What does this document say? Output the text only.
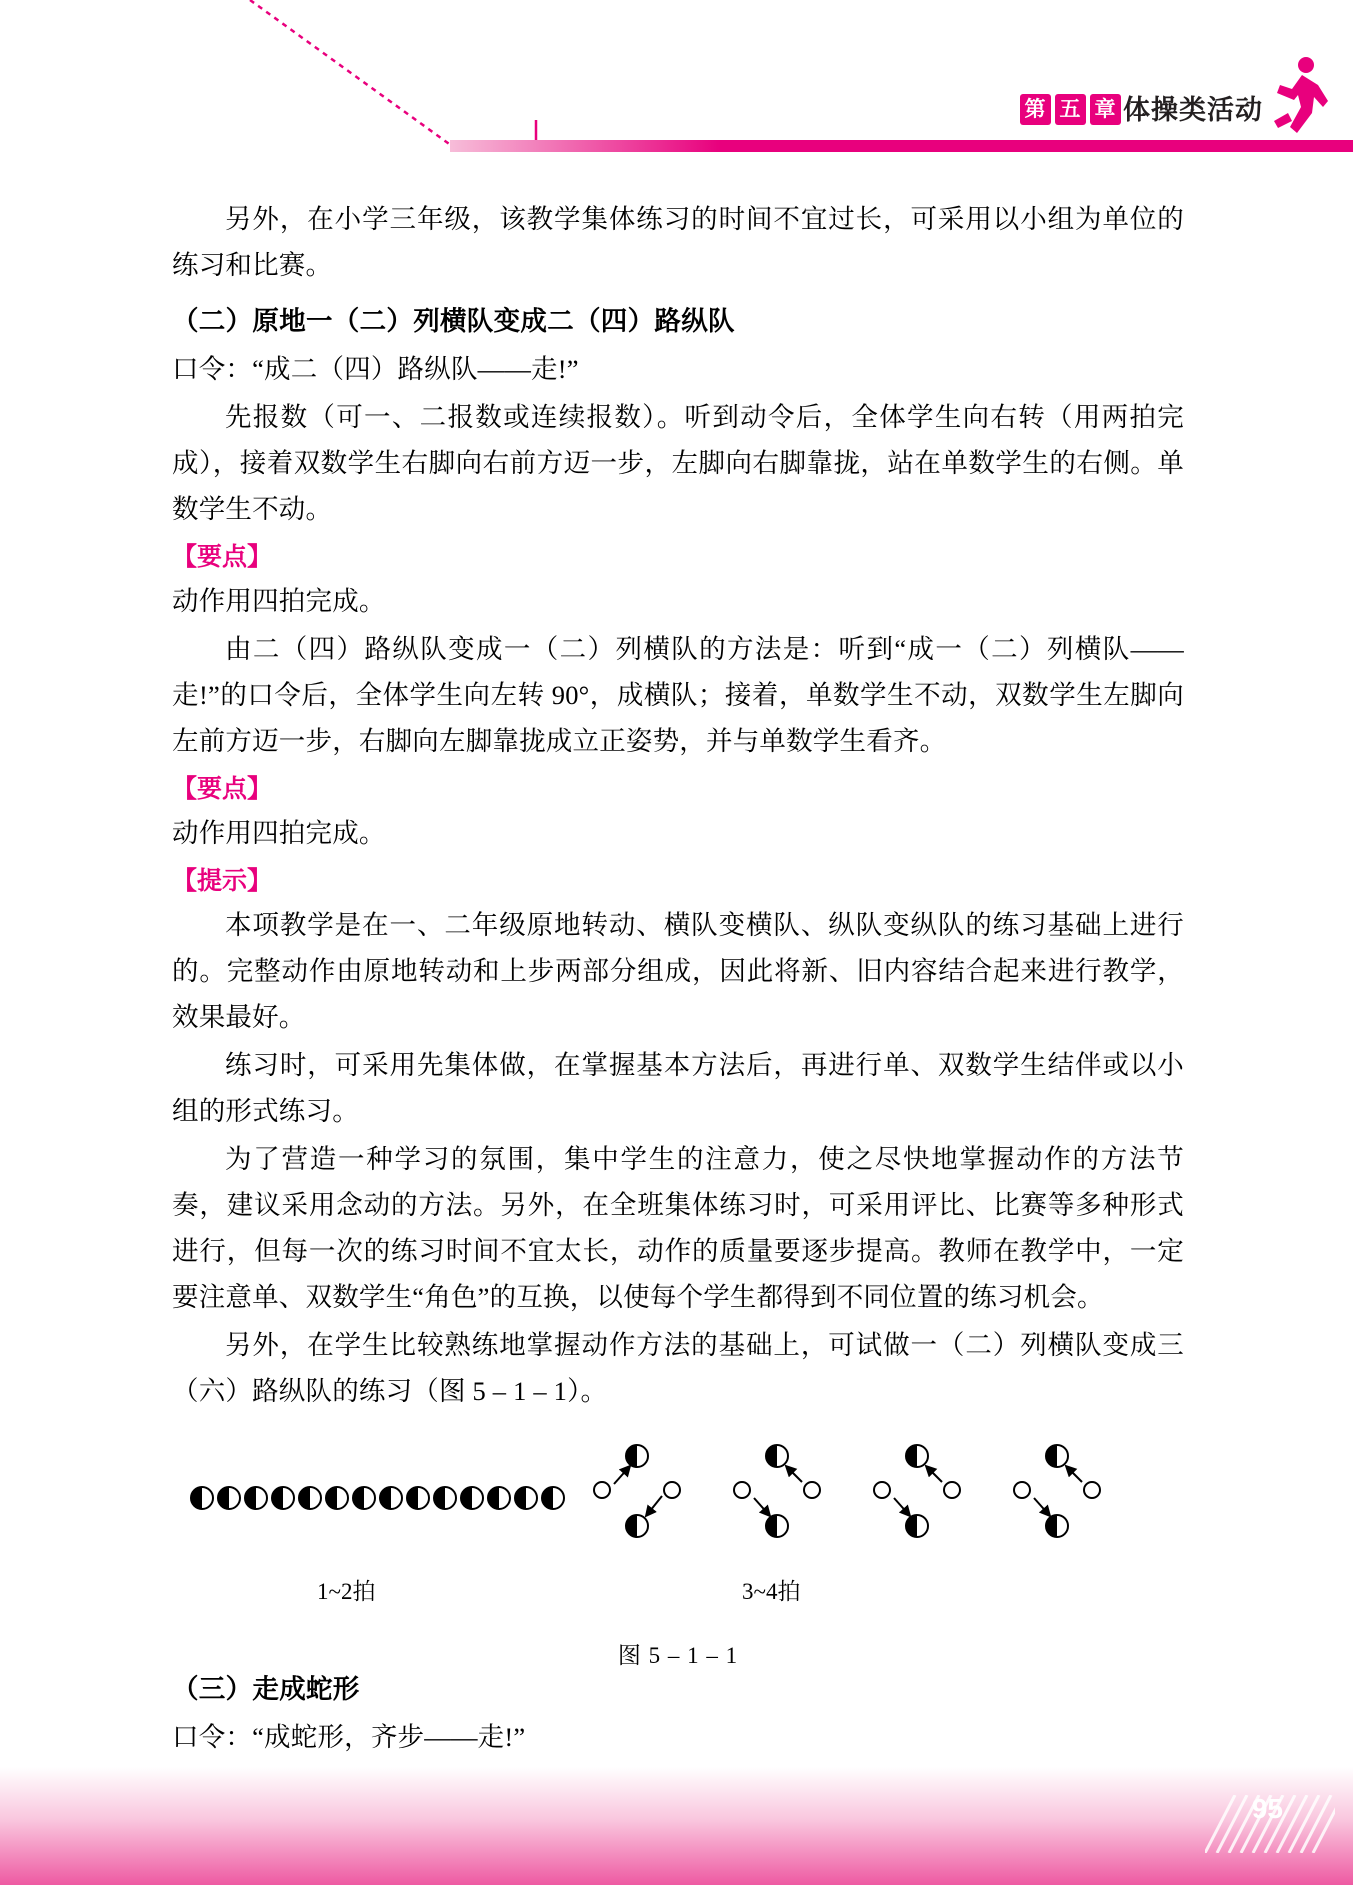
第 五 章 体操类活动

另外，在小学三年级，该教学集体练习的时间不宜过长，可采用以小组为单位的练习和比赛。

（二）原地一（二）列横队变成二（四）路纵队

口令：“成二（四）路纵队——走!”

先报数（可一、二报数或连续报数）。听到动令后，全体学生向右转（用两拍完成），接着双数学生右脚向右前方迈一步，左脚向右脚靠拢，站在单数学生的右侧。单数学生不动。

【要点】

动作用四拍完成。

由二（四）路纵队变成一（二）列横队的方法是：听到“成一（二）列横队——走!”的口令后，全体学生向左转 90°，成横队；接着，单数学生不动，双数学生左脚向左前方迈一步，右脚向左脚靠拢成立正姿势，并与单数学生看齐。

【要点】

动作用四拍完成。

【提示】

本项教学是在一、二年级原地转动、横队变横队、纵队变纵队的练习基础上进行的。完整动作由原地转动和上步两部分组成，因此将新、旧内容结合起来进行教学，效果最好。

练习时，可采用先集体做，在掌握基本方法后，再进行单、双数学生结伴或以小组的形式练习。

为了营造一种学习的氛围，集中学生的注意力，使之尽快地掌握动作的方法节奏，建议采用念动的方法。另外，在全班集体练习时，可采用评比、比赛等多种形式进行，但每一次的练习时间不宜太长，动作的质量要逐步提高。教师在教学中，一定要注意单、双数学生“角色”的互换，以使每个学生都得到不同位置的练习机会。

另外，在学生比较熟练地掌握动作方法的基础上，可试做一（二）列横队变成三（六）路纵队的练习（图 5 – 1 – 1）。

1~2拍	3~4拍
图 5 – 1 – 1
（三）走成蛇形

口令：“成蛇形，齐步——走!”

95
